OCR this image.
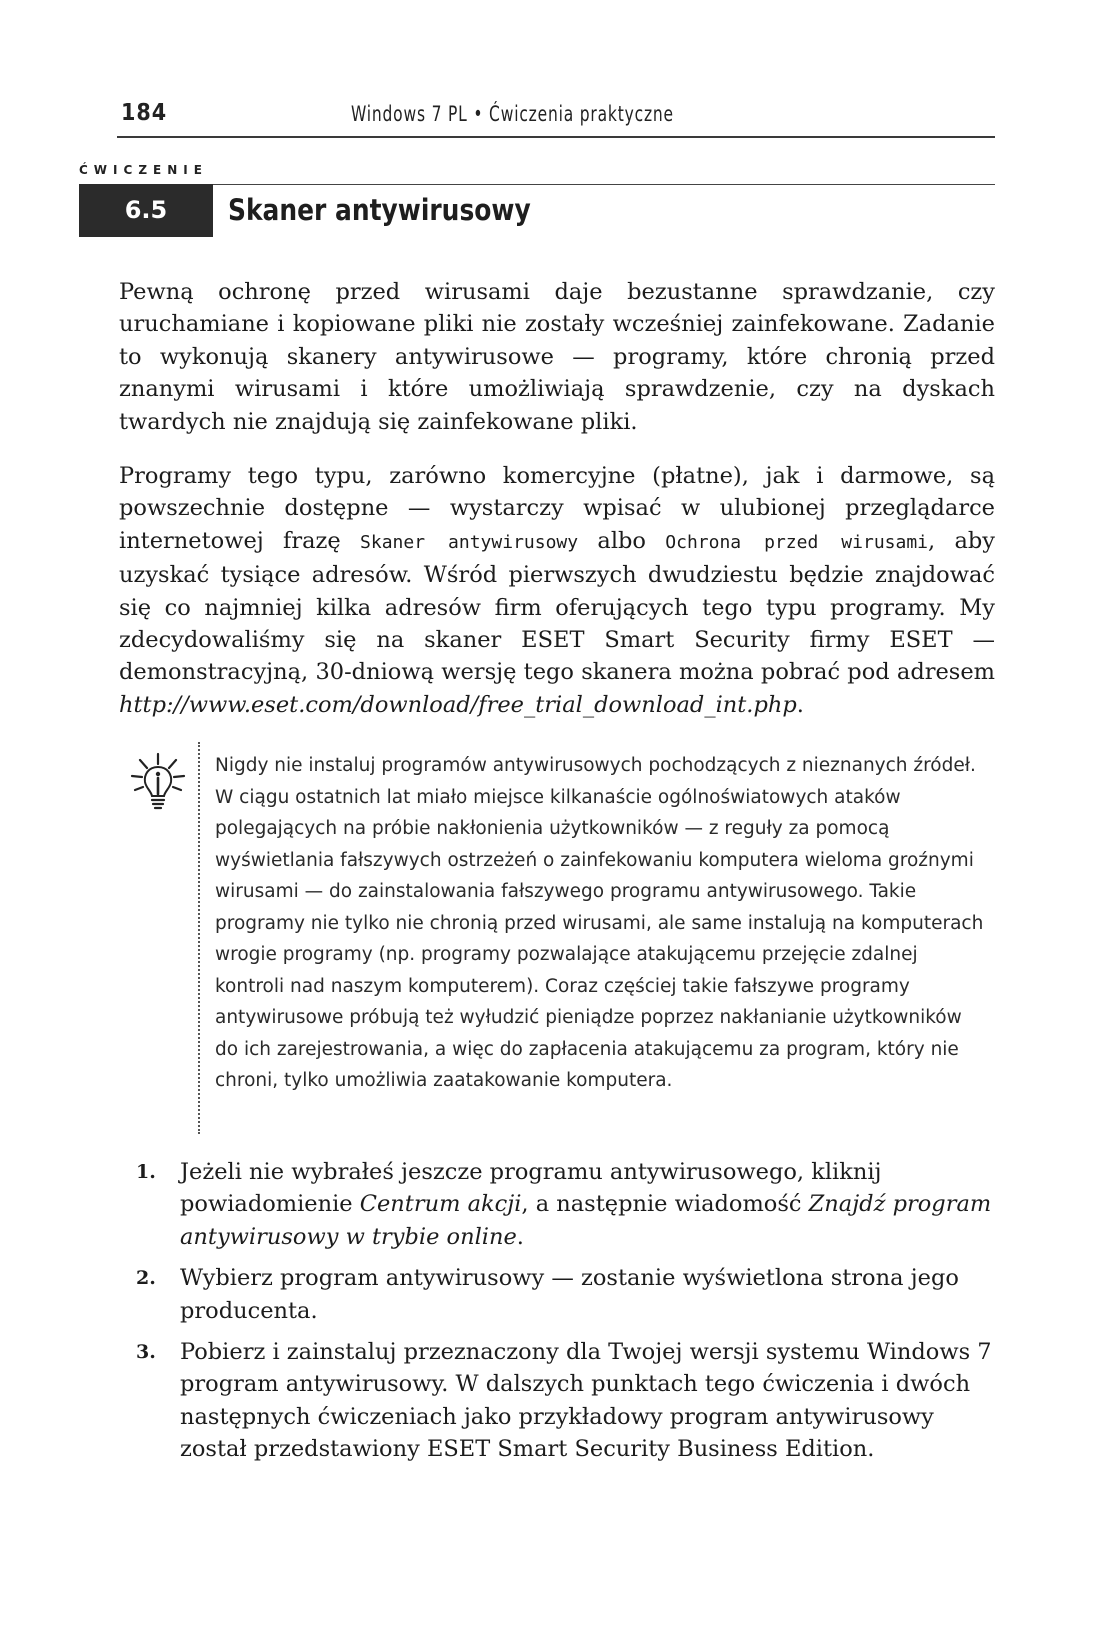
184	Windows 7 PL • Ćwiczenia praktyczne
ĆWICZENIE
6.5	Skaner antywirusowy

Pewną ochronę przed wirusami daje bezustanne sprawdzanie, czy uruchamiane i kopiowane pliki nie zostały wcześniej zainfekowane. Zadanie to wykonują skanery antywirusowe — programy, które chronią przed znanymi wirusami i które umożliwiają sprawdzenie, czy na dyskach twardych nie znajdują się zainfekowane pliki.

Programy tego typu, zarówno komercyjne (płatne), jak i darmowe, są powszechnie dostępne — wystarczy wpisać w ulubionej przeglądarce internetowej frazę Skaner antywirusowy albo Ochrona przed wirusami, aby uzyskać tysiące adresów. Wśród pierwszych dwudziestu będzie znajdować się co najmniej kilka adresów firm oferujących tego typu programy. My zdecydowaliśmy się na skaner ESET Smart Security firmy ESET — demonstracyjną, 30-dniową wersję tego skanera można pobrać pod adresem http://www.eset.com/download/free_trial_download_int.php.

Nigdy nie instaluj programów antywirusowych pochodzących z nieznanych źródeł. W ciągu ostatnich lat miało miejsce kilkanaście ogólnoświatowych ataków polegających na próbie nakłonienia użytkowników — z reguły za pomocą wyświetlania fałszywych ostrzeżeń o zainfekowaniu komputera wieloma groźnymi wirusami — do zainstalowania fałszywego programu antywirusowego. Takie programy nie tylko nie chronią przed wirusami, ale same instalują na komputerach wrogie programy (np. programy pozwalające atakującemu przejęcie zdalnej kontroli nad naszym komputerem). Coraz częściej takie fałszywe programy antywirusowe próbują też wyłudzić pieniądze poprzez nakłanianie użytkowników do ich zarejestrowania, a więc do zapłacenia atakującemu za program, który nie chroni, tylko umożliwia zaatakowanie komputera.

1. Jeżeli nie wybrałeś jeszcze programu antywirusowego, kliknij powiadomienie Centrum akcji, a następnie wiadomość Znajdź program antywirusowy w trybie online.
2. Wybierz program antywirusowy — zostanie wyświetlona strona jego producenta.
3. Pobierz i zainstaluj przeznaczony dla Twojej wersji systemu Windows 7 program antywirusowy. W dalszych punktach tego ćwiczenia i dwóch następnych ćwiczeniach jako przykładowy program antywirusowy został przedstawiony ESET Smart Security Business Edition.
